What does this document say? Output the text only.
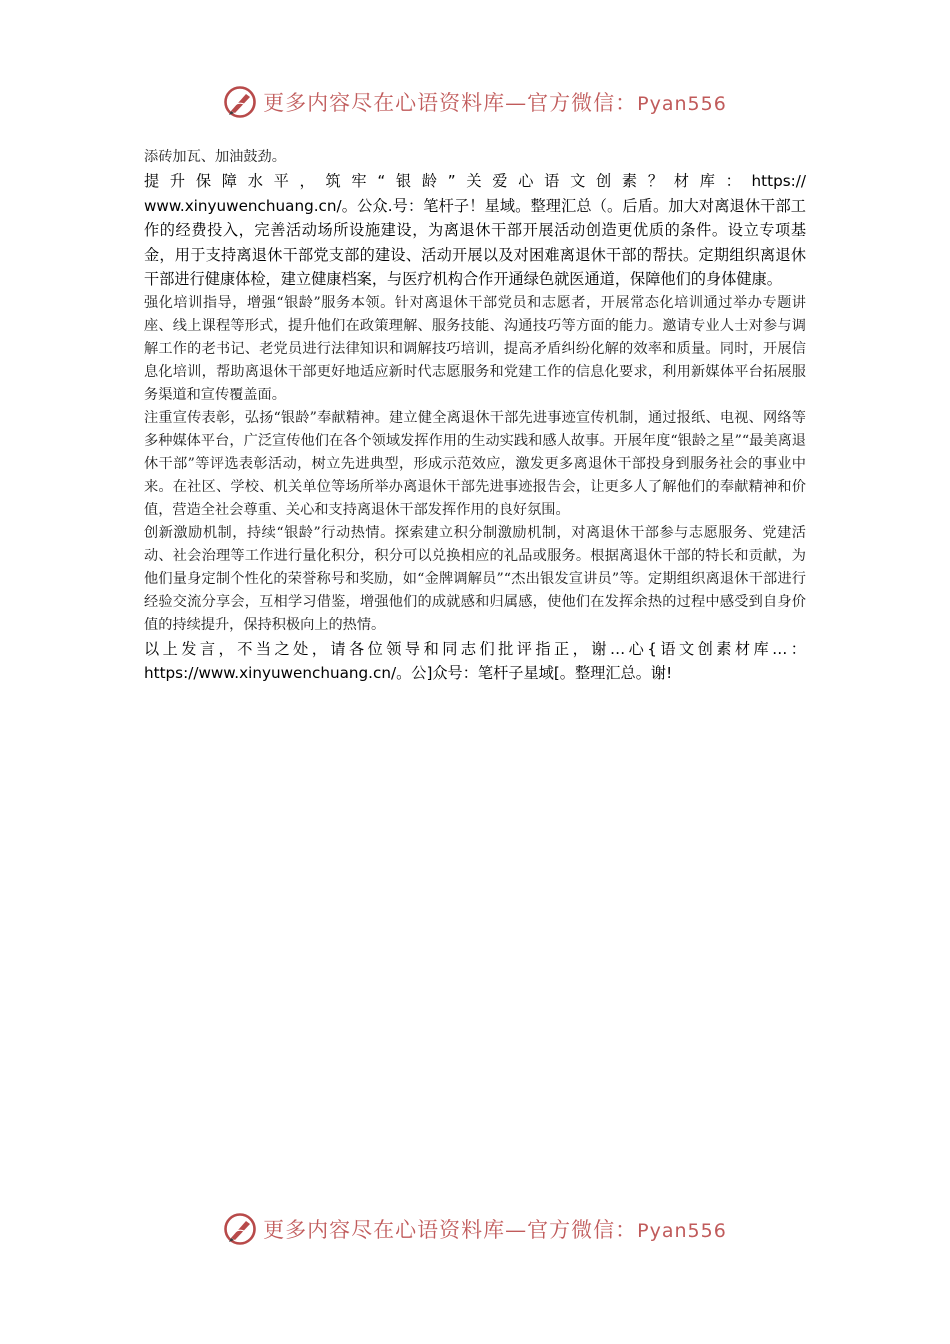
更多内容尽在心语资料库—官方微信：Pyan556

添砖加瓦、加油鼓劲。

提升保障水平，筑牢“银龄”关爱心语文创素？材库：https://
www.xinyuwenchuang.cn/。公众.号：笔杆子！星域。整理汇总（。后盾。加大对离退休干部工作的经费投入，完善活动场所设施建设，为离退休干部开展活动创造更优质的条件。设立专项基金，用于支持离退休干部党支部的建设、活动开展以及对困难离退休干部的帮扶。定期组织离退休干部进行健康体检，建立健康档案，与医疗机构合作开通绿色就医通道，保障他们的身体健康。

强化培训指导，增强“银龄”服务本领。针对离退休干部党员和志愿者，开展常态化培训通过举办专题讲座、线上课程等形式，提升他们在政策理解、服务技能、沟通技巧等方面的能力。邀请专业人士对参与调解工作的老书记、老党员进行法律知识和调解技巧培训，提高矛盾纠纷化解的效率和质量。同时，开展信息化培训，帮助离退休干部更好地适应新时代志愿服务和党建工作的信息化要求，利用新媒体平台拓展服务渠道和宣传覆盖面。

注重宣传表彰，弘扬“银龄”奉献精神。建立健全离退休干部先进事迹宣传机制，通过报纸、电视、网络等多种媒体平台，广泛宣传他们在各个领域发挥作用的生动实践和感人故事。开展年度“银龄之星”“最美离退休干部”等评选表彰活动，树立先进典型，形成示范效应，激发更多离退休干部投身到服务社会的事业中来。在社区、学校、机关单位等场所举办离退休干部先进事迹报告会，让更多人了解他们的奉献精神和价值，营造全社会尊重、关心和支持离退休干部发挥作用的良好氛围。

创新激励机制，持续“银龄”行动热情。探索建立积分制激励机制，对离退休干部参与志愿服务、党建活动、社会治理等工作进行量化积分，积分可以兑换相应的礼品或服务。根据离退休干部的特长和贡献，为他们量身定制个性化的荣誉称号和奖励，如“金牌调解员”“杰出银发宣讲员”等。定期组织离退休干部进行经验交流分享会，互相学习借鉴，增强他们的成就感和归属感，使他们在发挥余热的过程中感受到自身价值的持续提升，保持积极向上的热情。

以上发言，不当之处，请各位领导和同志们批评指正，谢…心{语文创素材库…：https://www.xinyuwenchuang.cn/。公]众号：笔杆子星域[。整理汇总。谢!

更多内容尽在心语资料库—官方微信：Pyan556
